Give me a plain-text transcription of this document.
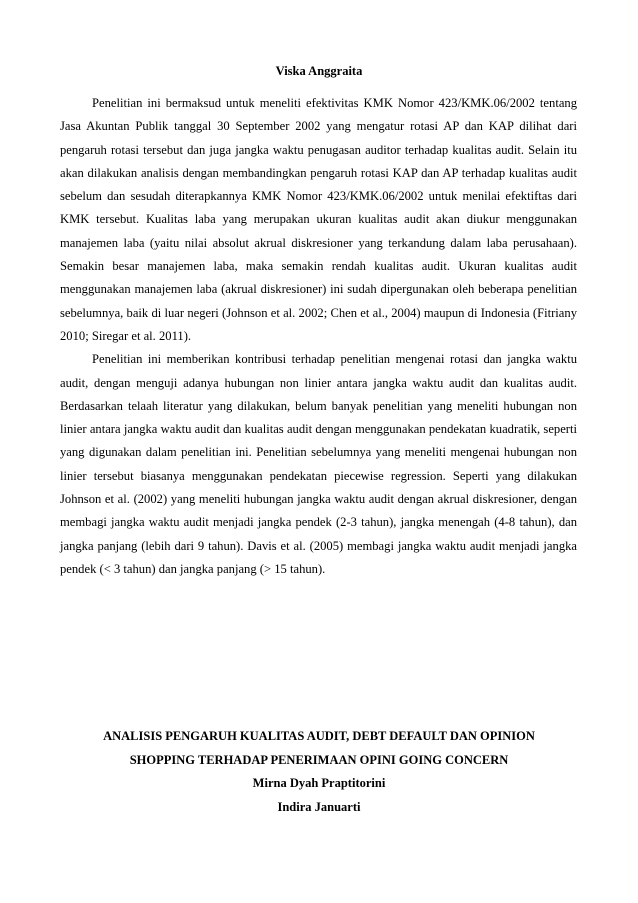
Viska Anggraita

Penelitian ini bermaksud untuk meneliti efektivitas KMK Nomor 423/KMK.06/2002 tentang Jasa Akuntan Publik tanggal 30 September 2002 yang mengatur rotasi AP dan KAP dilihat dari pengaruh rotasi tersebut dan juga jangka waktu penugasan auditor terhadap kualitas audit. Selain itu akan dilakukan analisis dengan membandingkan pengaruh rotasi KAP dan AP terhadap kualitas audit sebelum dan sesudah diterapkannya KMK Nomor 423/KMK.06/2002 untuk menilai efektiftas dari KMK tersebut. Kualitas laba yang merupakan ukuran kualitas audit akan diukur menggunakan manajemen laba (yaitu nilai absolut akrual diskresioner yang terkandung dalam laba perusahaan). Semakin besar manajemen laba, maka semakin rendah kualitas audit. Ukuran kualitas audit menggunakan manajemen laba (akrual diskresioner) ini sudah dipergunakan oleh beberapa penelitian sebelumnya, baik di luar negeri (Johnson et al. 2002; Chen et al., 2004) maupun di Indonesia (Fitriany 2010; Siregar et al. 2011).

Penelitian ini memberikan kontribusi terhadap penelitian mengenai rotasi dan jangka waktu audit, dengan menguji adanya hubungan non linier antara jangka waktu audit dan kualitas audit. Berdasarkan telaah literatur yang dilakukan, belum banyak penelitian yang meneliti hubungan non linier antara jangka waktu audit dan kualitas audit dengan menggunakan pendekatan kuadratik, seperti yang digunakan dalam penelitian ini. Penelitian sebelumnya yang meneliti mengenai hubungan non linier tersebut biasanya menggunakan pendekatan piecewise regression. Seperti yang dilakukan Johnson et al. (2002) yang meneliti hubungan jangka waktu audit dengan akrual diskresioner, dengan membagi jangka waktu audit menjadi jangka pendek (2-3 tahun), jangka menengah (4-8 tahun), dan jangka panjang (lebih dari 9 tahun). Davis et al. (2005) membagi jangka waktu audit menjadi jangka pendek (< 3 tahun) dan jangka panjang (> 15 tahun).

ANALISIS PENGARUH KUALITAS AUDIT, DEBT DEFAULT DAN OPINION
SHOPPING TERHADAP PENERIMAAN OPINI GOING CONCERN
Mirna Dyah Praptitorini
Indira Januarti
